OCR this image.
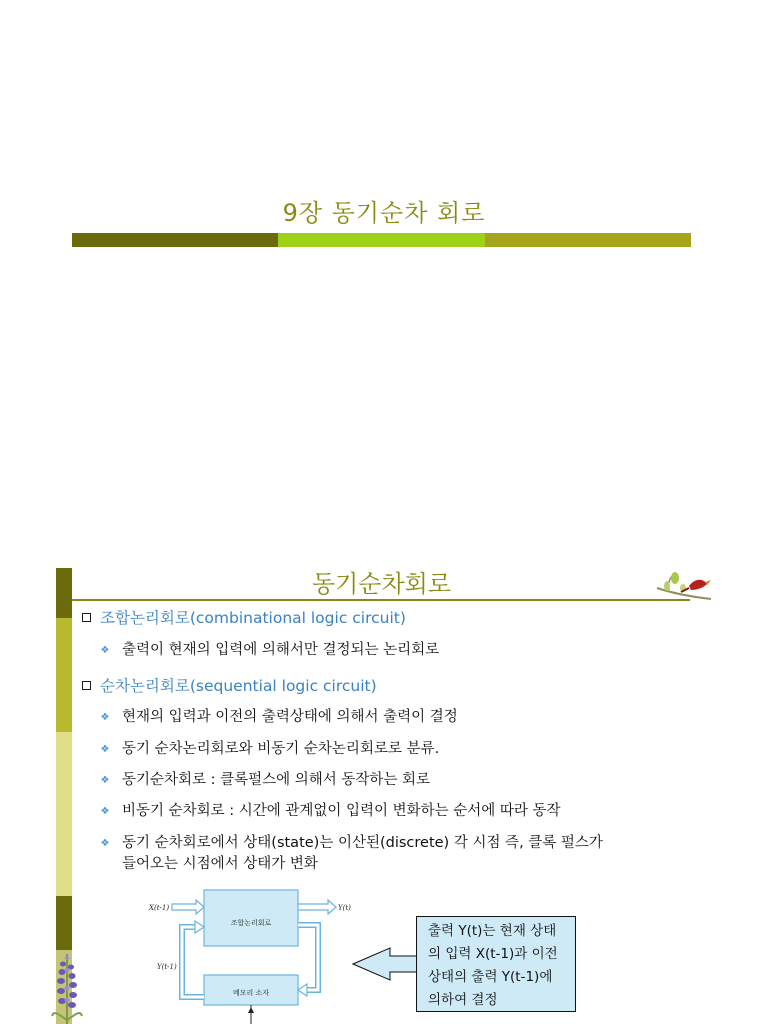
9장 동기순차 회로
동기순차회로
조합논리회로(combinational logic circuit)
❖ 출력이 현재의 입력에 의해서만 결정되는 논리회로
순차논리회로(sequential logic circuit)
❖ 현재의 입력과 이전의 출력상태에 의해서 출력이 결정
❖ 동기 순차논리회로와 비동기 순차논리회로로 분류.
❖ 동기순차회로 : 클록펄스에 의해서 동작하는 회로
❖ 비동기 순차회로 : 시간에 관계없이 입력이 변화하는 순서에 따라 동작
❖ 동기 순차회로에서 상태(state)는 이산된(discrete) 각 시점 즉, 클록 펄스가
들어오는 시점에서 상태가 변화
X(t-1)
조합논리회로
Y(t)
메모리 소자
Y(t-1)
출력 Y(t)는 현재 상태
의 입력 X(t-1)과 이전
상태의 출력 Y(t-1)에
의하여 결정
